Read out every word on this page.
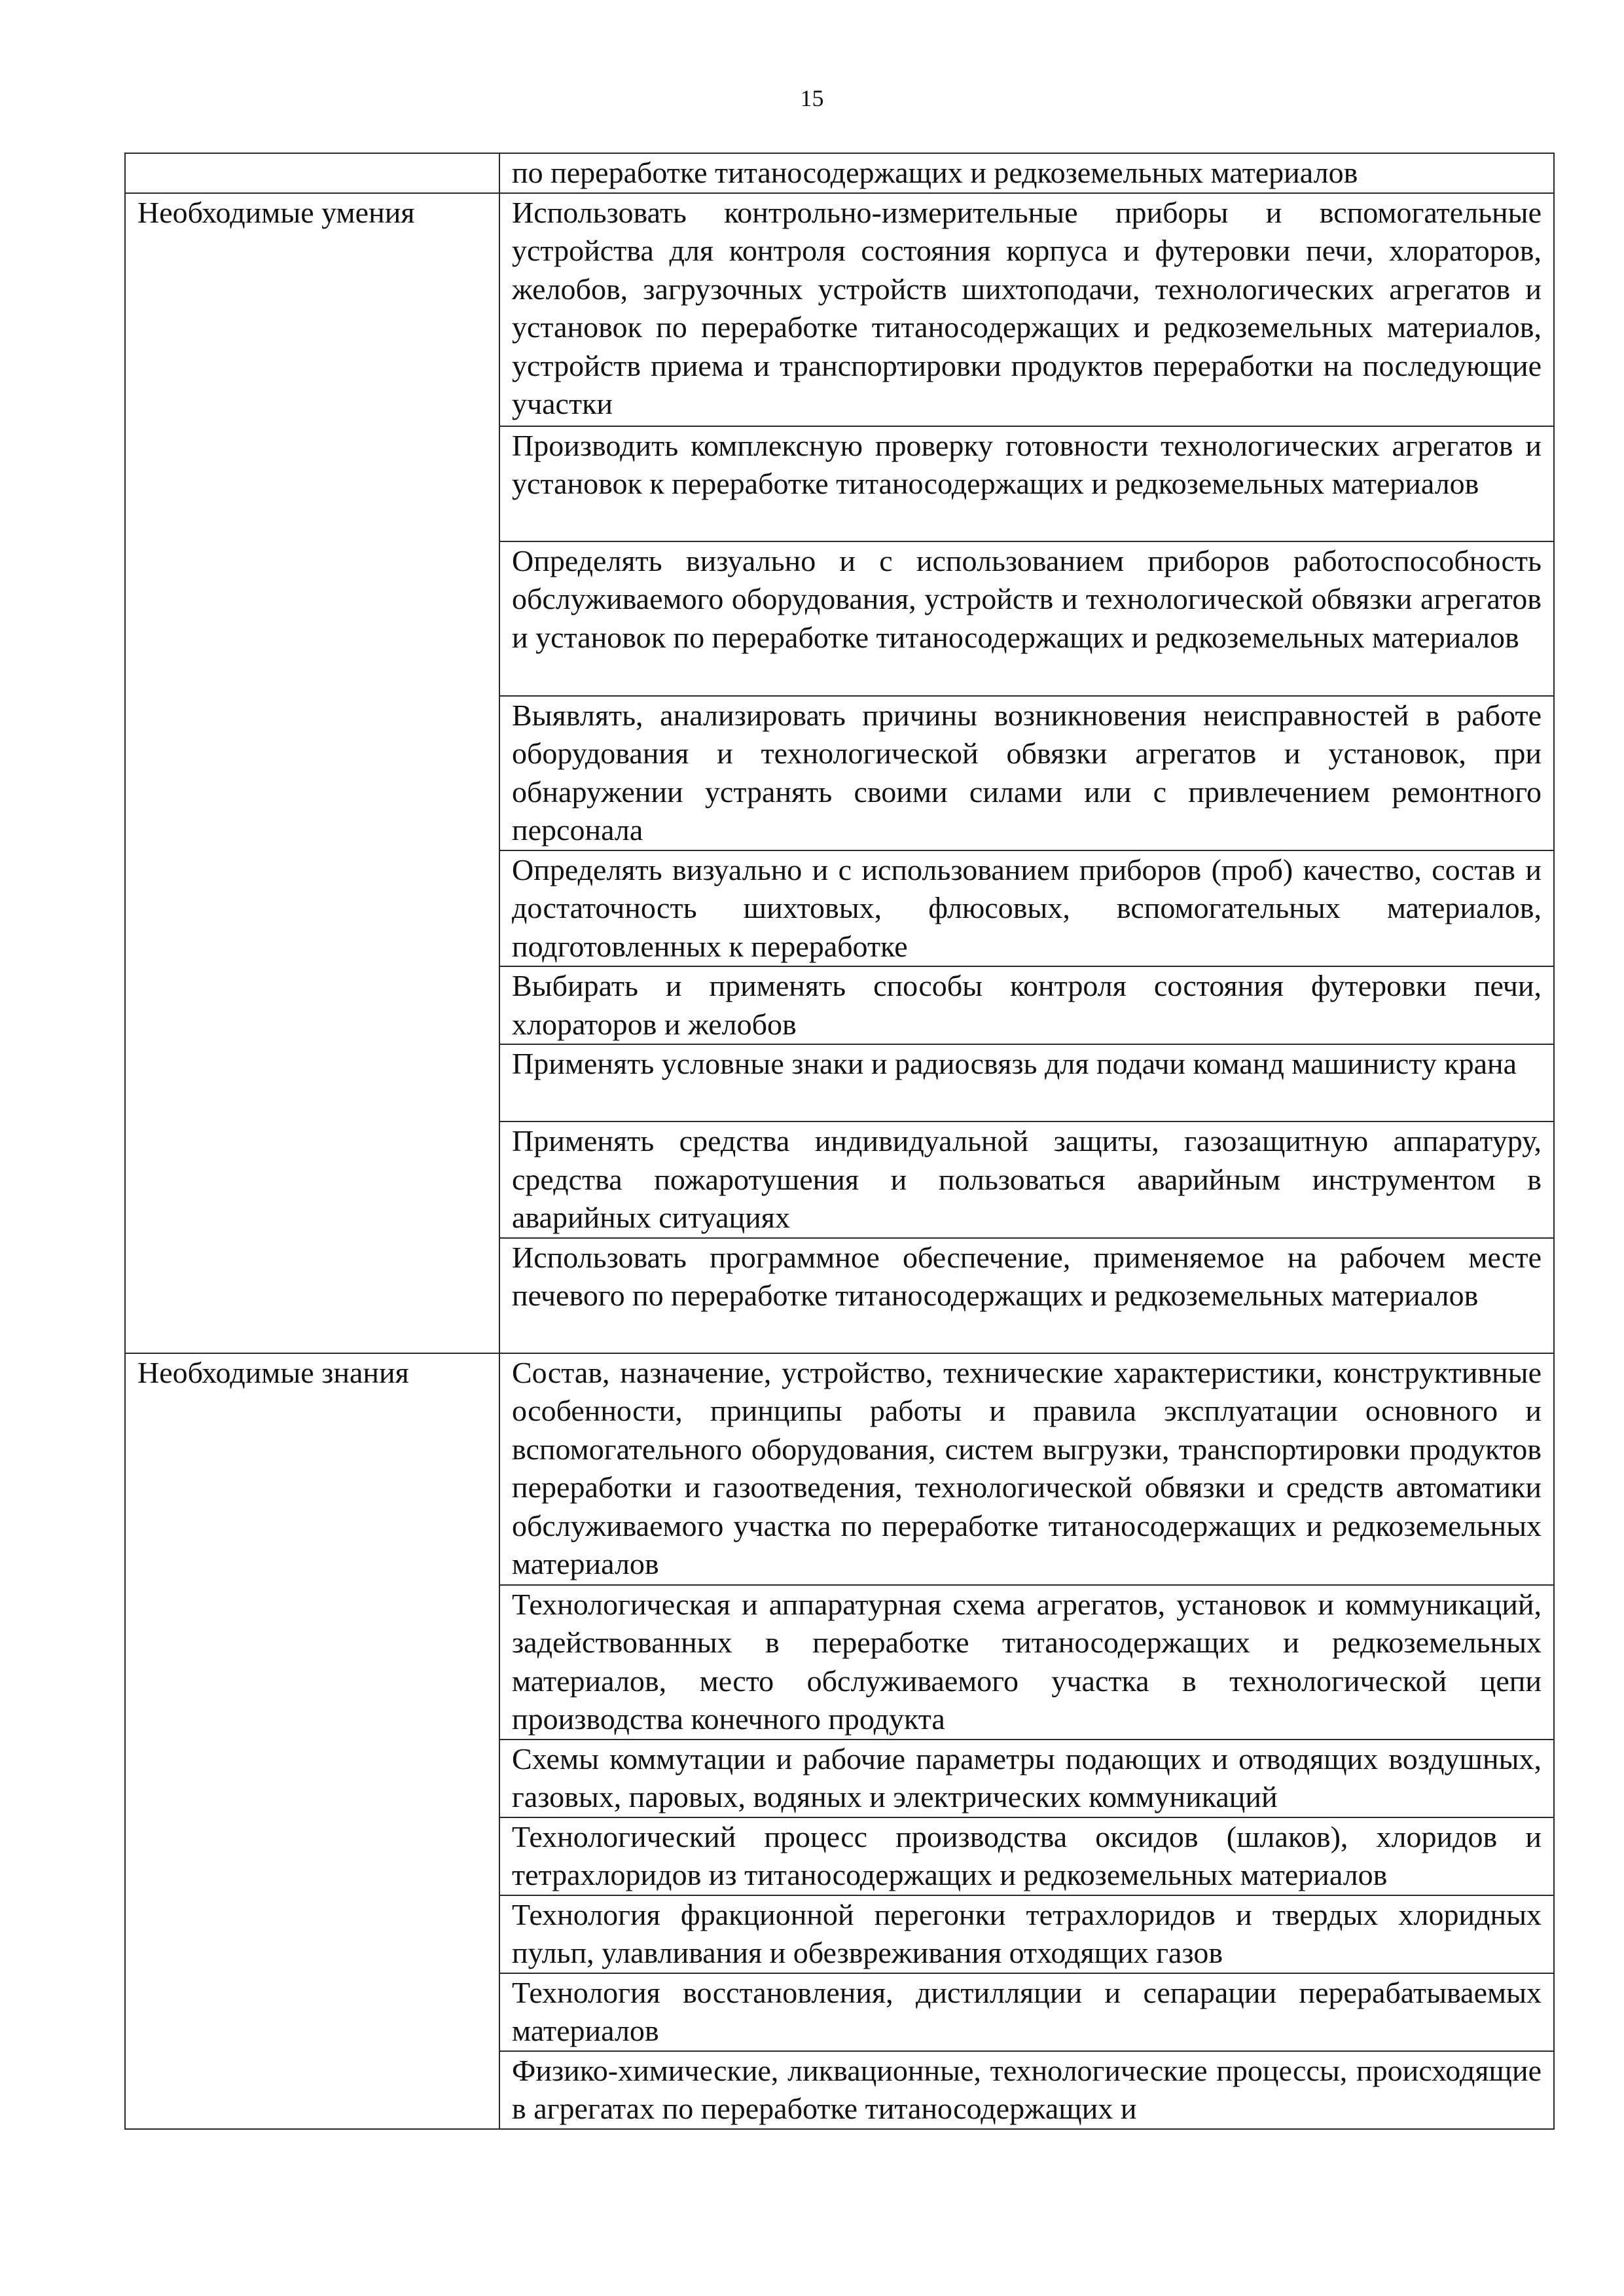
15
	по переработке титаносодержащих и редкоземельных материалов
Необходимые умения	Использовать контрольно-измерительные приборы и вспомогательные устройства для контроля состояния корпуса и футеровки печи, хлораторов, желобов, загрузочных устройств шихтоподачи, технологических агрегатов и установок по переработке титаносодержащих и редкоземельных материалов, устройств приема и транспортировки продуктов переработки на последующие участки
	Производить комплексную проверку готовности технологических агрегатов и установок к переработке титаносодержащих и редкоземельных материалов
	Определять визуально и с использованием приборов работоспособность обслуживаемого оборудования, устройств и технологической обвязки агрегатов и установок по переработке титаносодержащих и редкоземельных материалов
	Выявлять, анализировать причины возникновения неисправностей в работе оборудования и технологической обвязки агрегатов и установок, при обнаружении устранять своими силами или с привлечением ремонтного персонала
	Определять визуально и с использованием приборов (проб) качество, состав и достаточность шихтовых, флюсовых, вспомогательных материалов, подготовленных к переработке
	Выбирать и применять способы контроля состояния футеровки печи, хлораторов и желобов
	Применять условные знаки и радиосвязь для подачи команд машинисту крана
	Применять средства индивидуальной защиты, газозащитную аппаратуру, средства пожаротушения и пользоваться аварийным инструментом в аварийных ситуациях
	Использовать программное обеспечение, применяемое на рабочем месте печевого по переработке титаносодержащих и редкоземельных материалов
Необходимые знания	Состав, назначение, устройство, технические характеристики, конструктивные особенности, принципы работы и правила эксплуатации основного и вспомогательного оборудования, систем выгрузки, транспортировки продуктов переработки и газоотведения, технологической обвязки и средств автоматики обслуживаемого участка по переработке титаносодержащих и редкоземельных материалов
	Технологическая и аппаратурная схема агрегатов, установок и коммуникаций, задействованных в переработке титаносодержащих и редкоземельных материалов, место обслуживаемого участка в технологической цепи производства конечного продукта
	Схемы коммутации и рабочие параметры подающих и отводящих воздушных, газовых, паровых, водяных и электрических коммуникаций
	Технологический процесс производства оксидов (шлаков), хлоридов и тетрахлоридов из титаносодержащих и редкоземельных материалов
	Технология фракционной перегонки тетрахлоридов и твердых хлоридных пульп, улавливания и обезвреживания отходящих газов
	Технология восстановления, дистилляции и сепарации перерабатываемых материалов
	Физико-химические, ликвационные, технологические процессы, происходящие в агрегатах по переработке титаносодержащих и
